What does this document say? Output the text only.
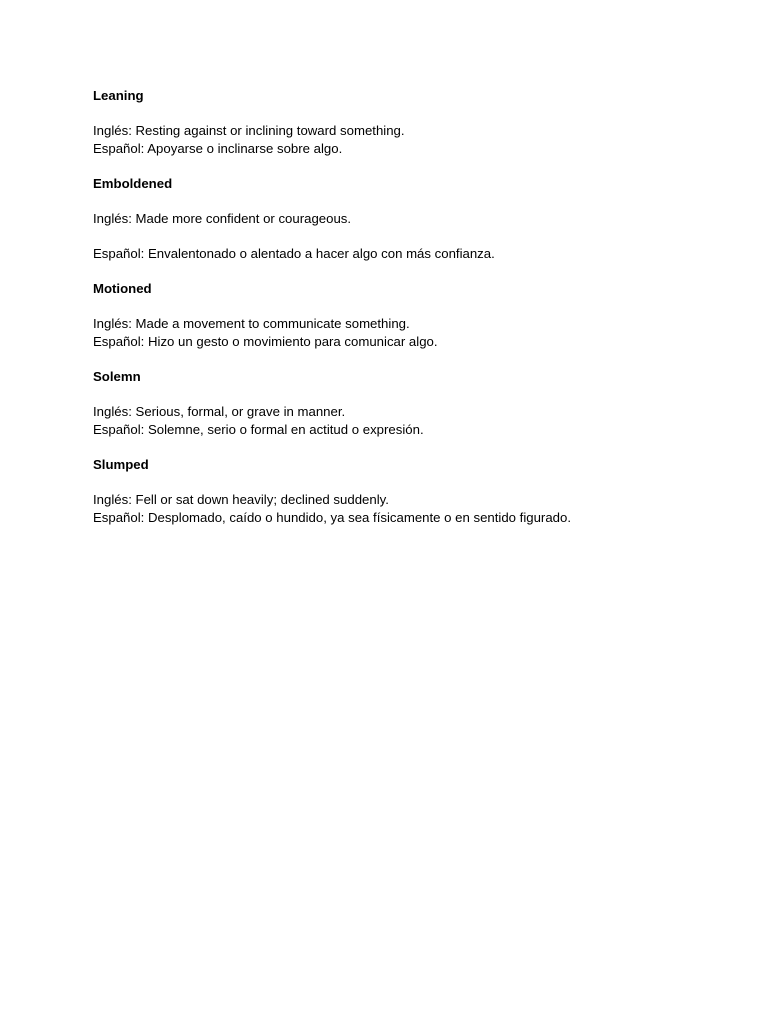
Leaning

Inglés: Resting against or inclining toward something.

Español: Apoyarse o inclinarse sobre algo.

Emboldened

Inglés: Made more confident or courageous.

Español: Envalentonado o alentado a hacer algo con más confianza.

Motioned

Inglés: Made a movement to communicate something.

Español: Hizo un gesto o movimiento para comunicar algo.

Solemn

Inglés: Serious, formal, or grave in manner.

Español: Solemne, serio o formal en actitud o expresión.

Slumped

Inglés: Fell or sat down heavily; declined suddenly.

Español: Desplomado, caído o hundido, ya sea físicamente o en sentido figurado.
